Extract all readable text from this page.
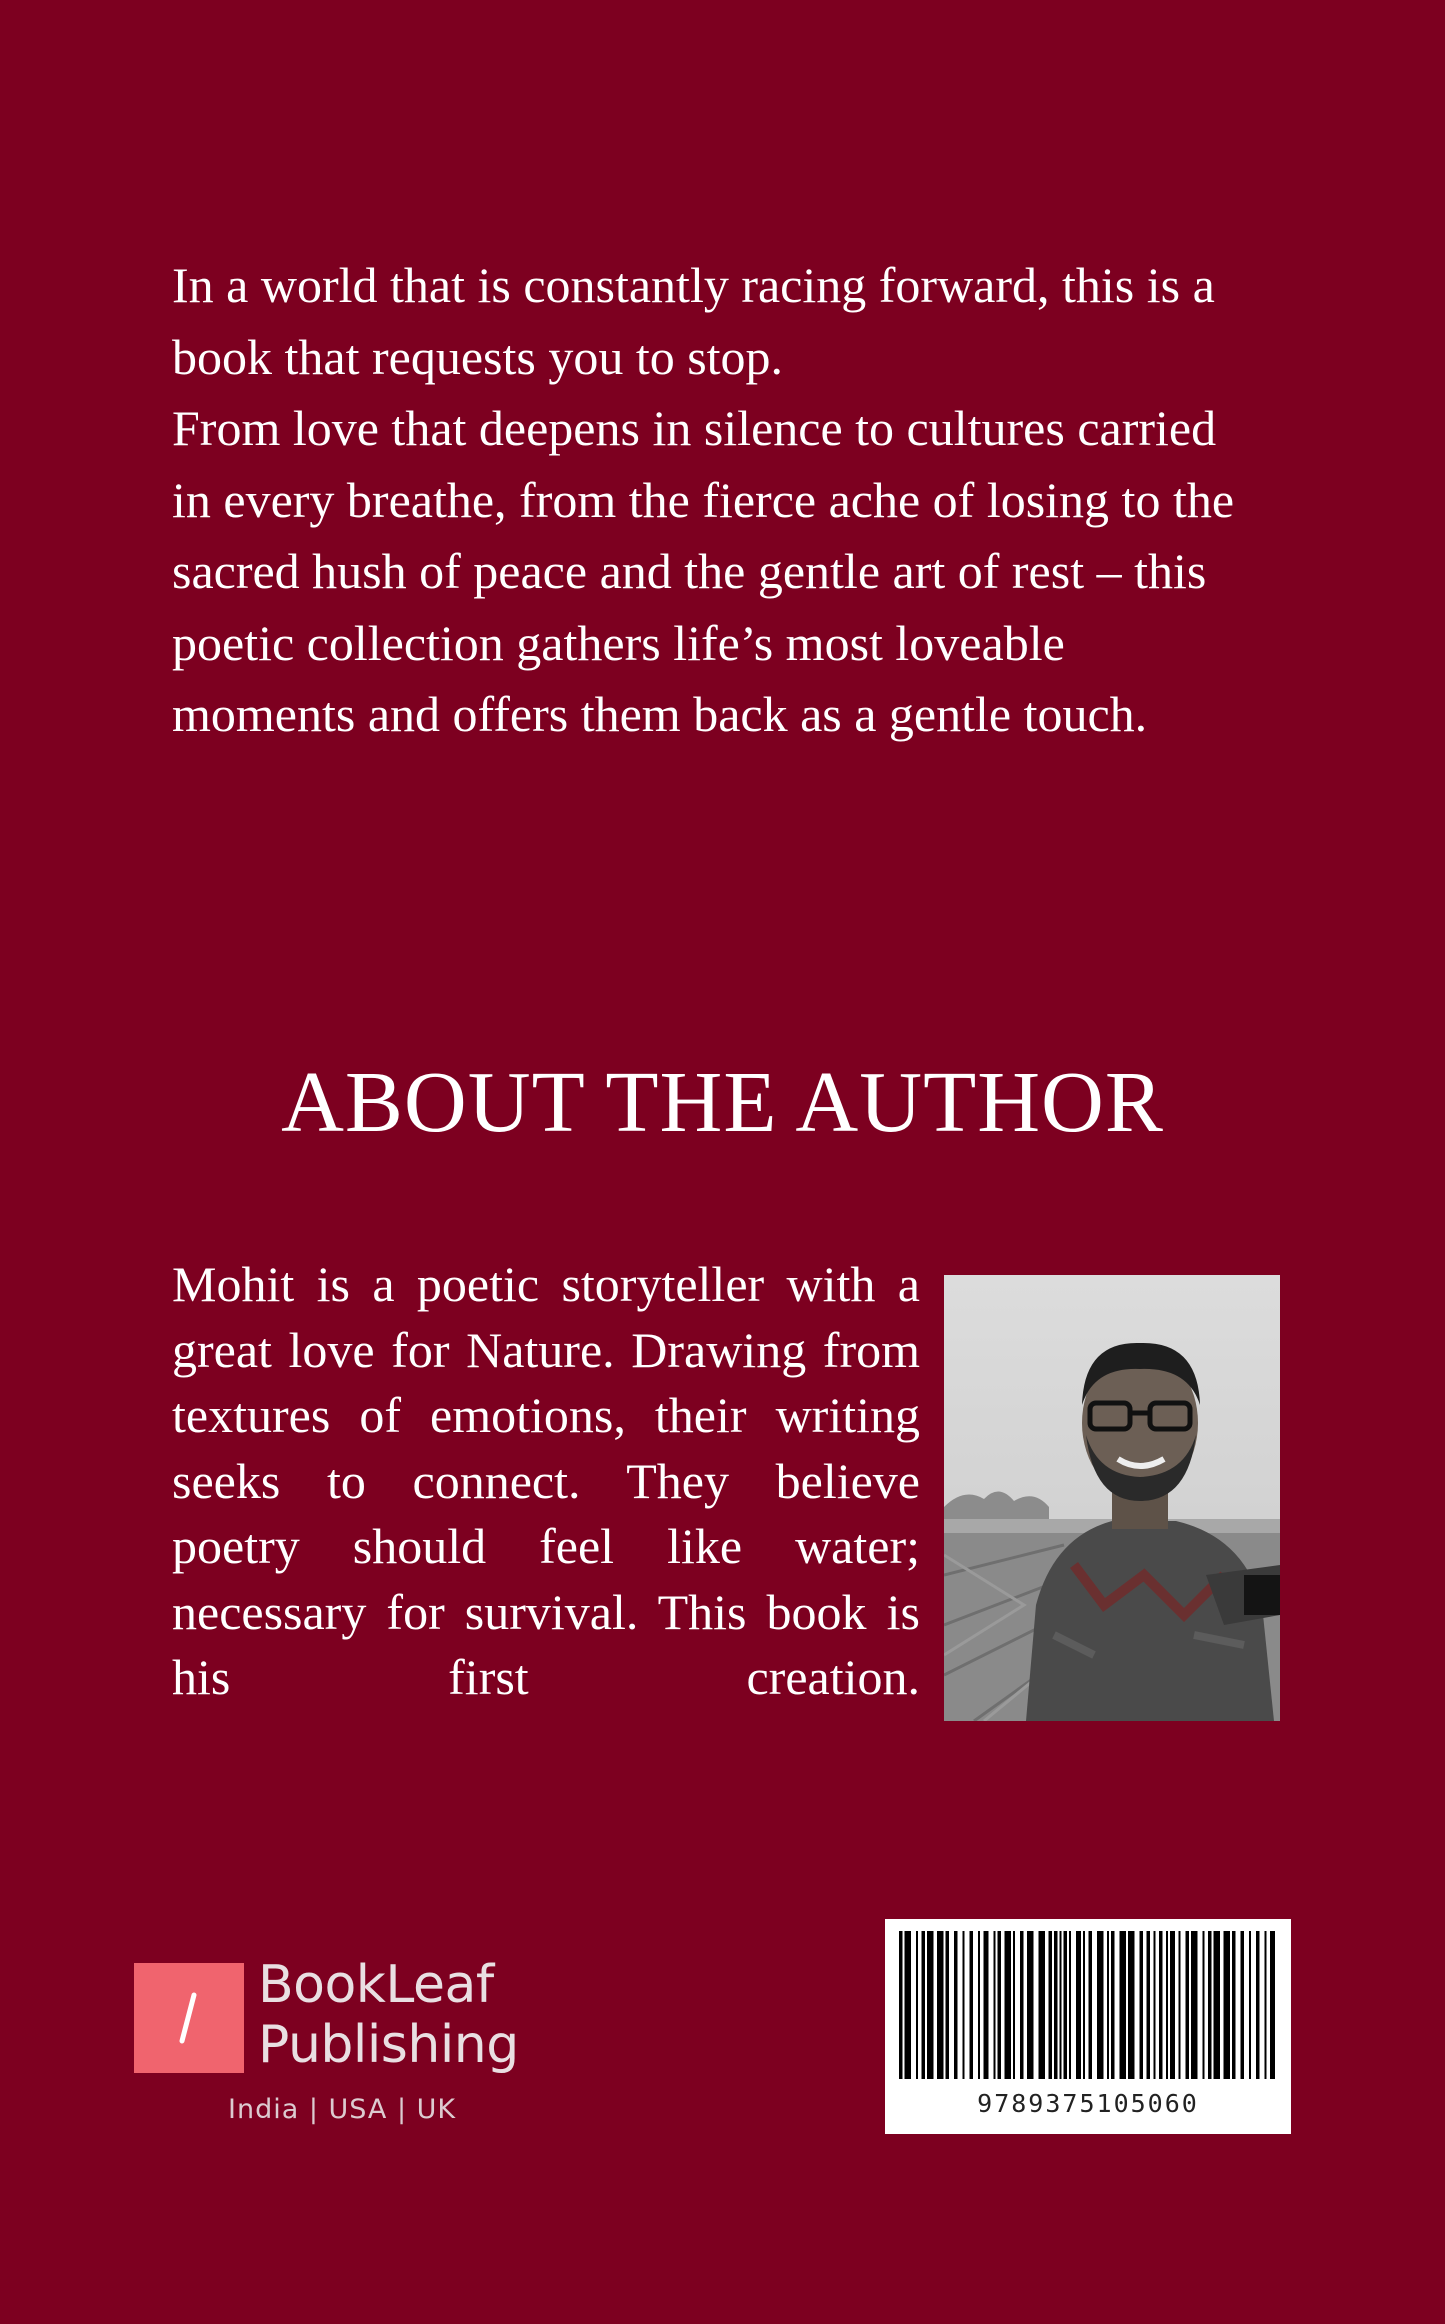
In a world that is constantly racing forward, this is a book that requests you to stop.

From love that deepens in silence to cultures carried in every breathe, from the fierce ache of losing to the sacred hush of peace and the gentle art of rest – this poetic collection gathers life’s most loveable moments and offers them back as a gentle touch.

ABOUT THE AUTHOR

Mohit is a poetic storyteller with a great love for Nature. Drawing from textures of emotions, their writing seeks to connect. They believe poetry should feel like water; necessary for survival. This book is his first creation.

BookLeaf
Publishing
India | USA | UK	9789375105060
